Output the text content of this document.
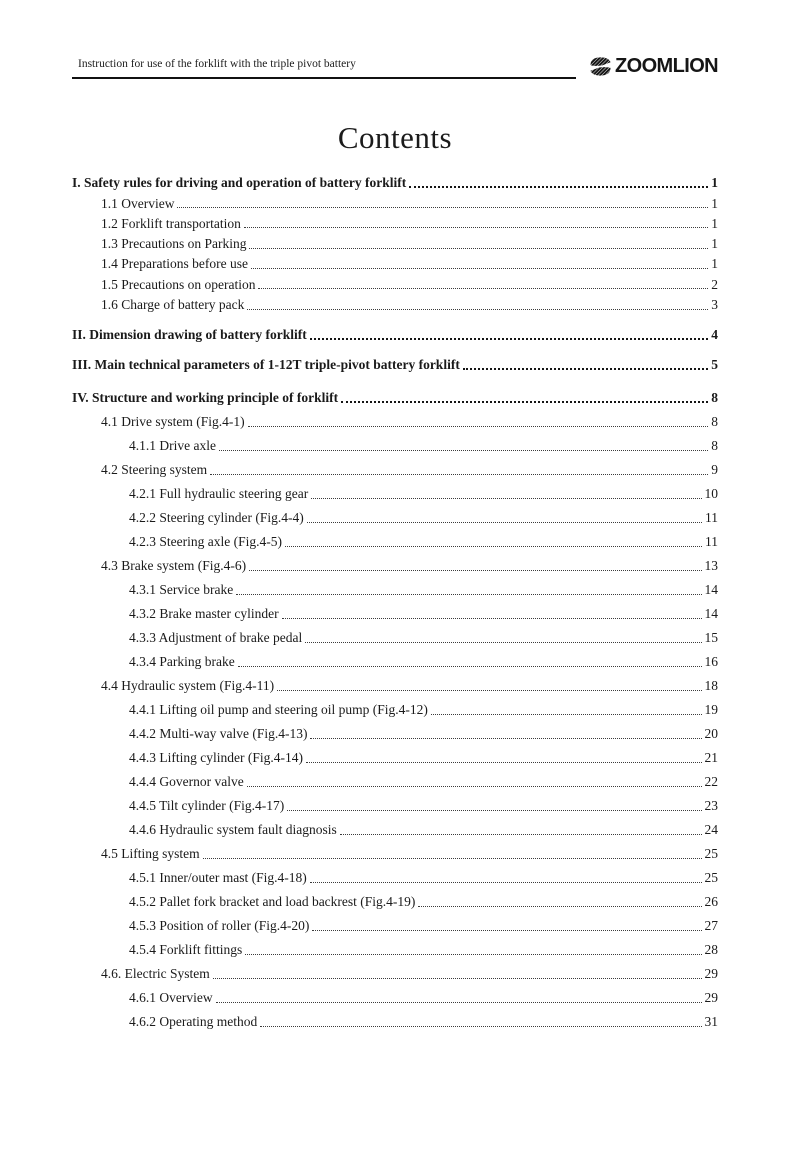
Instruction for use of the forklift with the triple pivot battery	ZOOMLION
Contents
I. Safety rules for driving and operation of battery forklift	1
1.1 Overview	1
1.2 Forklift transportation	1
1.3 Precautions on Parking	1
1.4 Preparations before use	1
1.5 Precautions on operation	2
1.6 Charge of battery pack	3
II. Dimension drawing of battery forklift	4
III. Main technical parameters of 1-12T triple-pivot battery forklift	5
IV. Structure and working principle of forklift	8
4.1 Drive system (Fig.4-1)	8
4.1.1 Drive axle	8
4.2 Steering system	9
4.2.1 Full hydraulic steering gear	10
4.2.2 Steering cylinder (Fig.4-4)	11
4.2.3 Steering axle (Fig.4-5)	11
4.3 Brake system (Fig.4-6)	13
4.3.1 Service brake	14
4.3.2 Brake master cylinder	14
4.3.3 Adjustment of brake pedal	15
4.3.4 Parking brake	16
4.4 Hydraulic system (Fig.4-11)	18
4.4.1 Lifting oil pump and steering oil pump (Fig.4-12)	19
4.4.2 Multi-way valve (Fig.4-13)	20
4.4.3 Lifting cylinder (Fig.4-14)	21
4.4.4 Governor valve	22
4.4.5 Tilt cylinder (Fig.4-17)	23
4.4.6 Hydraulic system fault diagnosis	24
4.5 Lifting system	25
4.5.1 Inner/outer mast (Fig.4-18)	25
4.5.2 Pallet fork bracket and load backrest (Fig.4-19)	26
4.5.3 Position of roller (Fig.4-20)	27
4.5.4 Forklift fittings	28
4.6. Electric System	29
4.6.1 Overview	29
4.6.2 Operating method	31
